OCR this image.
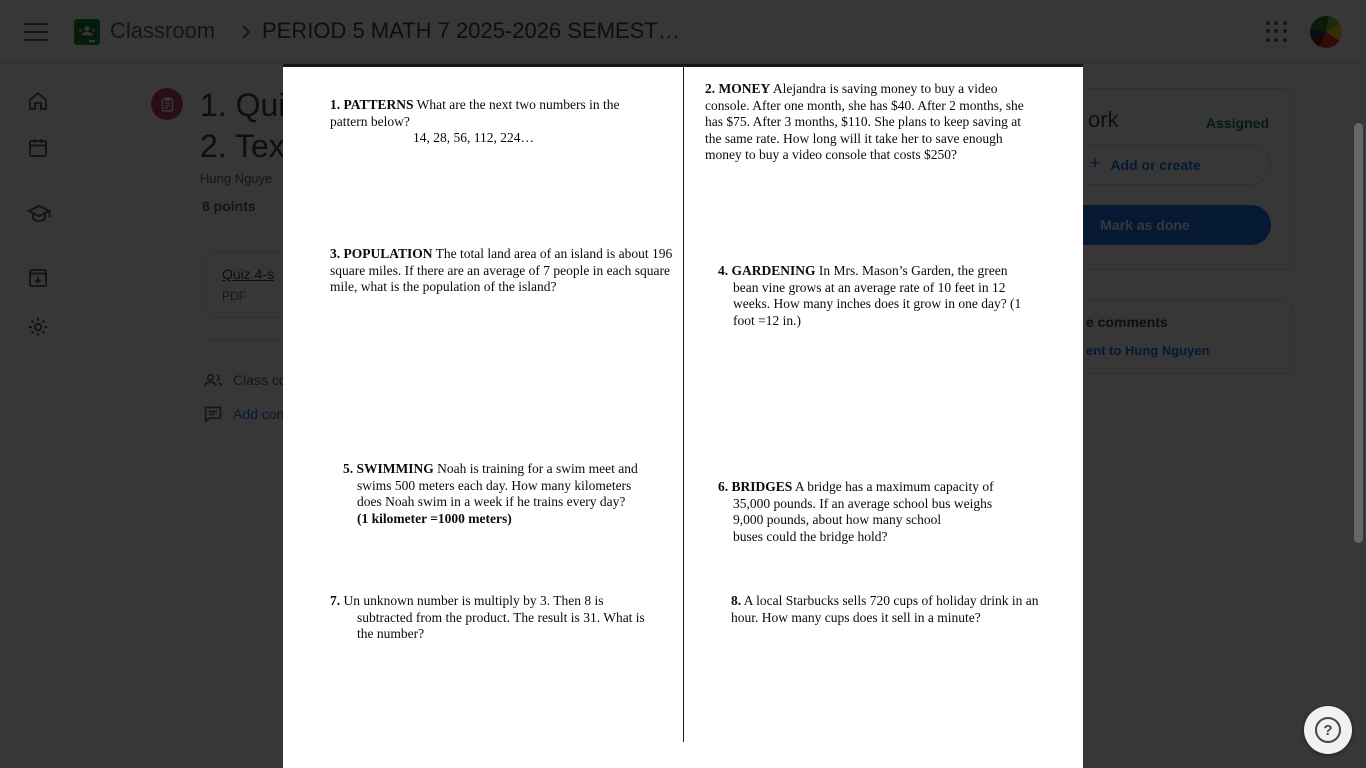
1. PATTERNS What are the next two numbers in the pattern below?
14, 28, 56, 112, 224…
2. MONEY Alejandra is saving money to buy a video console. After one month, she has $40. After 2 months, she has $75. After 3 months, $110. She plans to keep saving at the same rate. How long will it take her to save enough money to buy a video console that costs $250?
3. POPULATION The total land area of an island is about 196 square miles. If there are an average of 7 people in each square mile, what is the population of the island?
4. GARDENING In Mrs. Mason’s Garden, the green bean vine grows at an average rate of 10 feet in 12 weeks. How many inches does it grow in one day? (1 foot =12 in.)
5. SWIMMING Noah is training for a swim meet and swims 500 meters each day. How many kilometers does Noah swim in a week if he trains every day?
(1 kilometer =1000 meters)
6. BRIDGES A bridge has a maximum capacity of 35,000 pounds. If an average school bus weighs 9,000 pounds, about how many school
buses could the bridge hold?
7. Un unknown number is multiply by 3. Then 8 is subtracted from the product. The result is 31. What is the number?
8. A local Starbucks sells 720 cups of holiday drink in an hour. How many cups does it sell in a minute?
?
